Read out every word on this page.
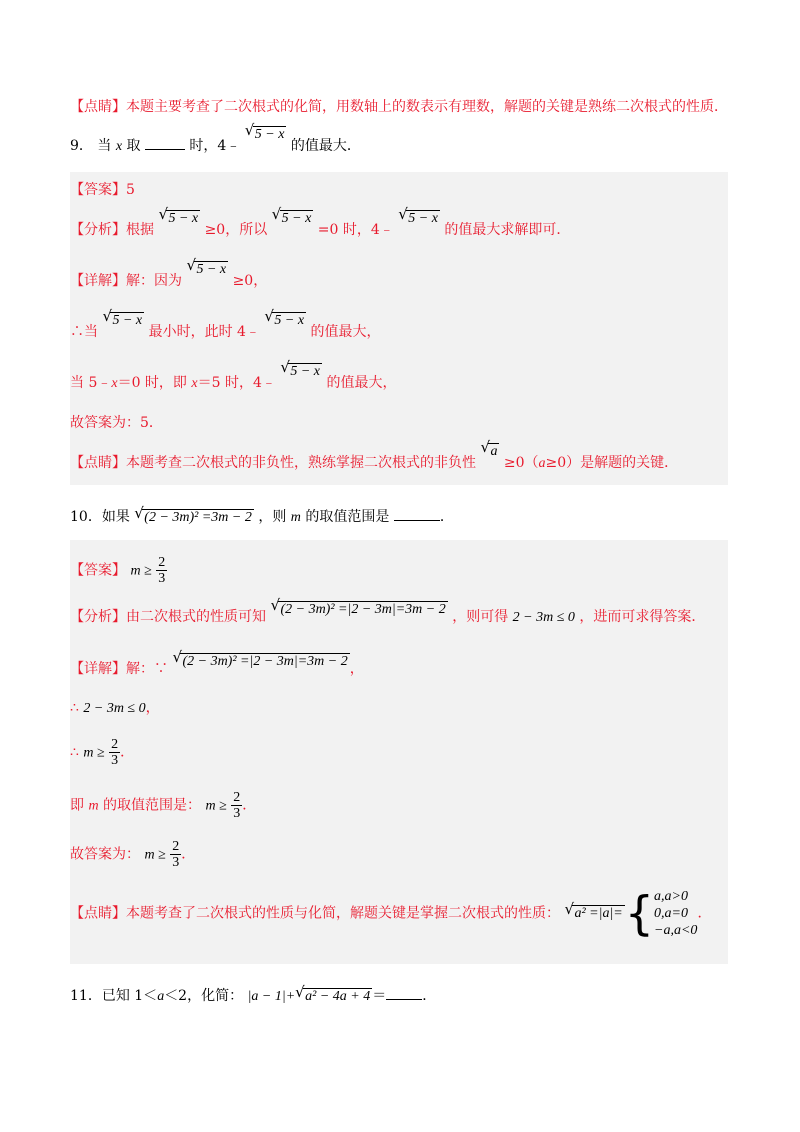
【点睛】本题主要考查了二次根式的化简，用数轴上的数表示有理数，解题的关键是熟练二次根式的性质．
9． 当 x 取	时，4﹣
√ 5 − x 的值最大．
【答案】5
【分析】根据
√ 5 − x ≥0，所以
√ 5 − x =0 时，4﹣
√ 5 − x 的值最大求解即可．
【详解】解：因为
√ 5 − x ≥0，
∴当
√ 5 − x 最小时，此时 4﹣
√ 5 − x 的值最大，
当 5﹣x＝0 时，即 x＝5 时，4﹣
√ 5 − x 的值最大，
故答案为：5．
【点睛】本题考查二次根式的非负性，熟练掌握二次根式的非负性
√ a ≥0（a≥0）是解题的关键．
10．如果 √ (2 − 3m)² =3m − 2 ，则 m 的取值范围是	．
【答案】 $m \ge \frac{2}{3}$
【分析】由二次根式的性质可知
√ (2 − 3m)² =|2 − 3m|=3m − 2 ，则可得 2 − 3m ≤ 0 ，进而可求得答案．
【详解】解：∵
√ (2 − 3m)² =|2 − 3m|=3m − 2 ，
∴ 2 − 3m ≤ 0，
∴ $m \ge \frac{2}{3}$ ．
即 m 的取值范围是： $m \ge \frac{2}{3}$ ．
故答案为： $m \ge \frac{2}{3}$ ．
【点睛】本题考查了二次根式的性质与化简，解题关键是掌握二次根式的性质： √ a² =|a|={ a,a>0
0,a=0
−a,a<0
．
11．已知 1＜a＜2，化简： |a − 1|+ √ a² − 4a + 4 ＝	．
